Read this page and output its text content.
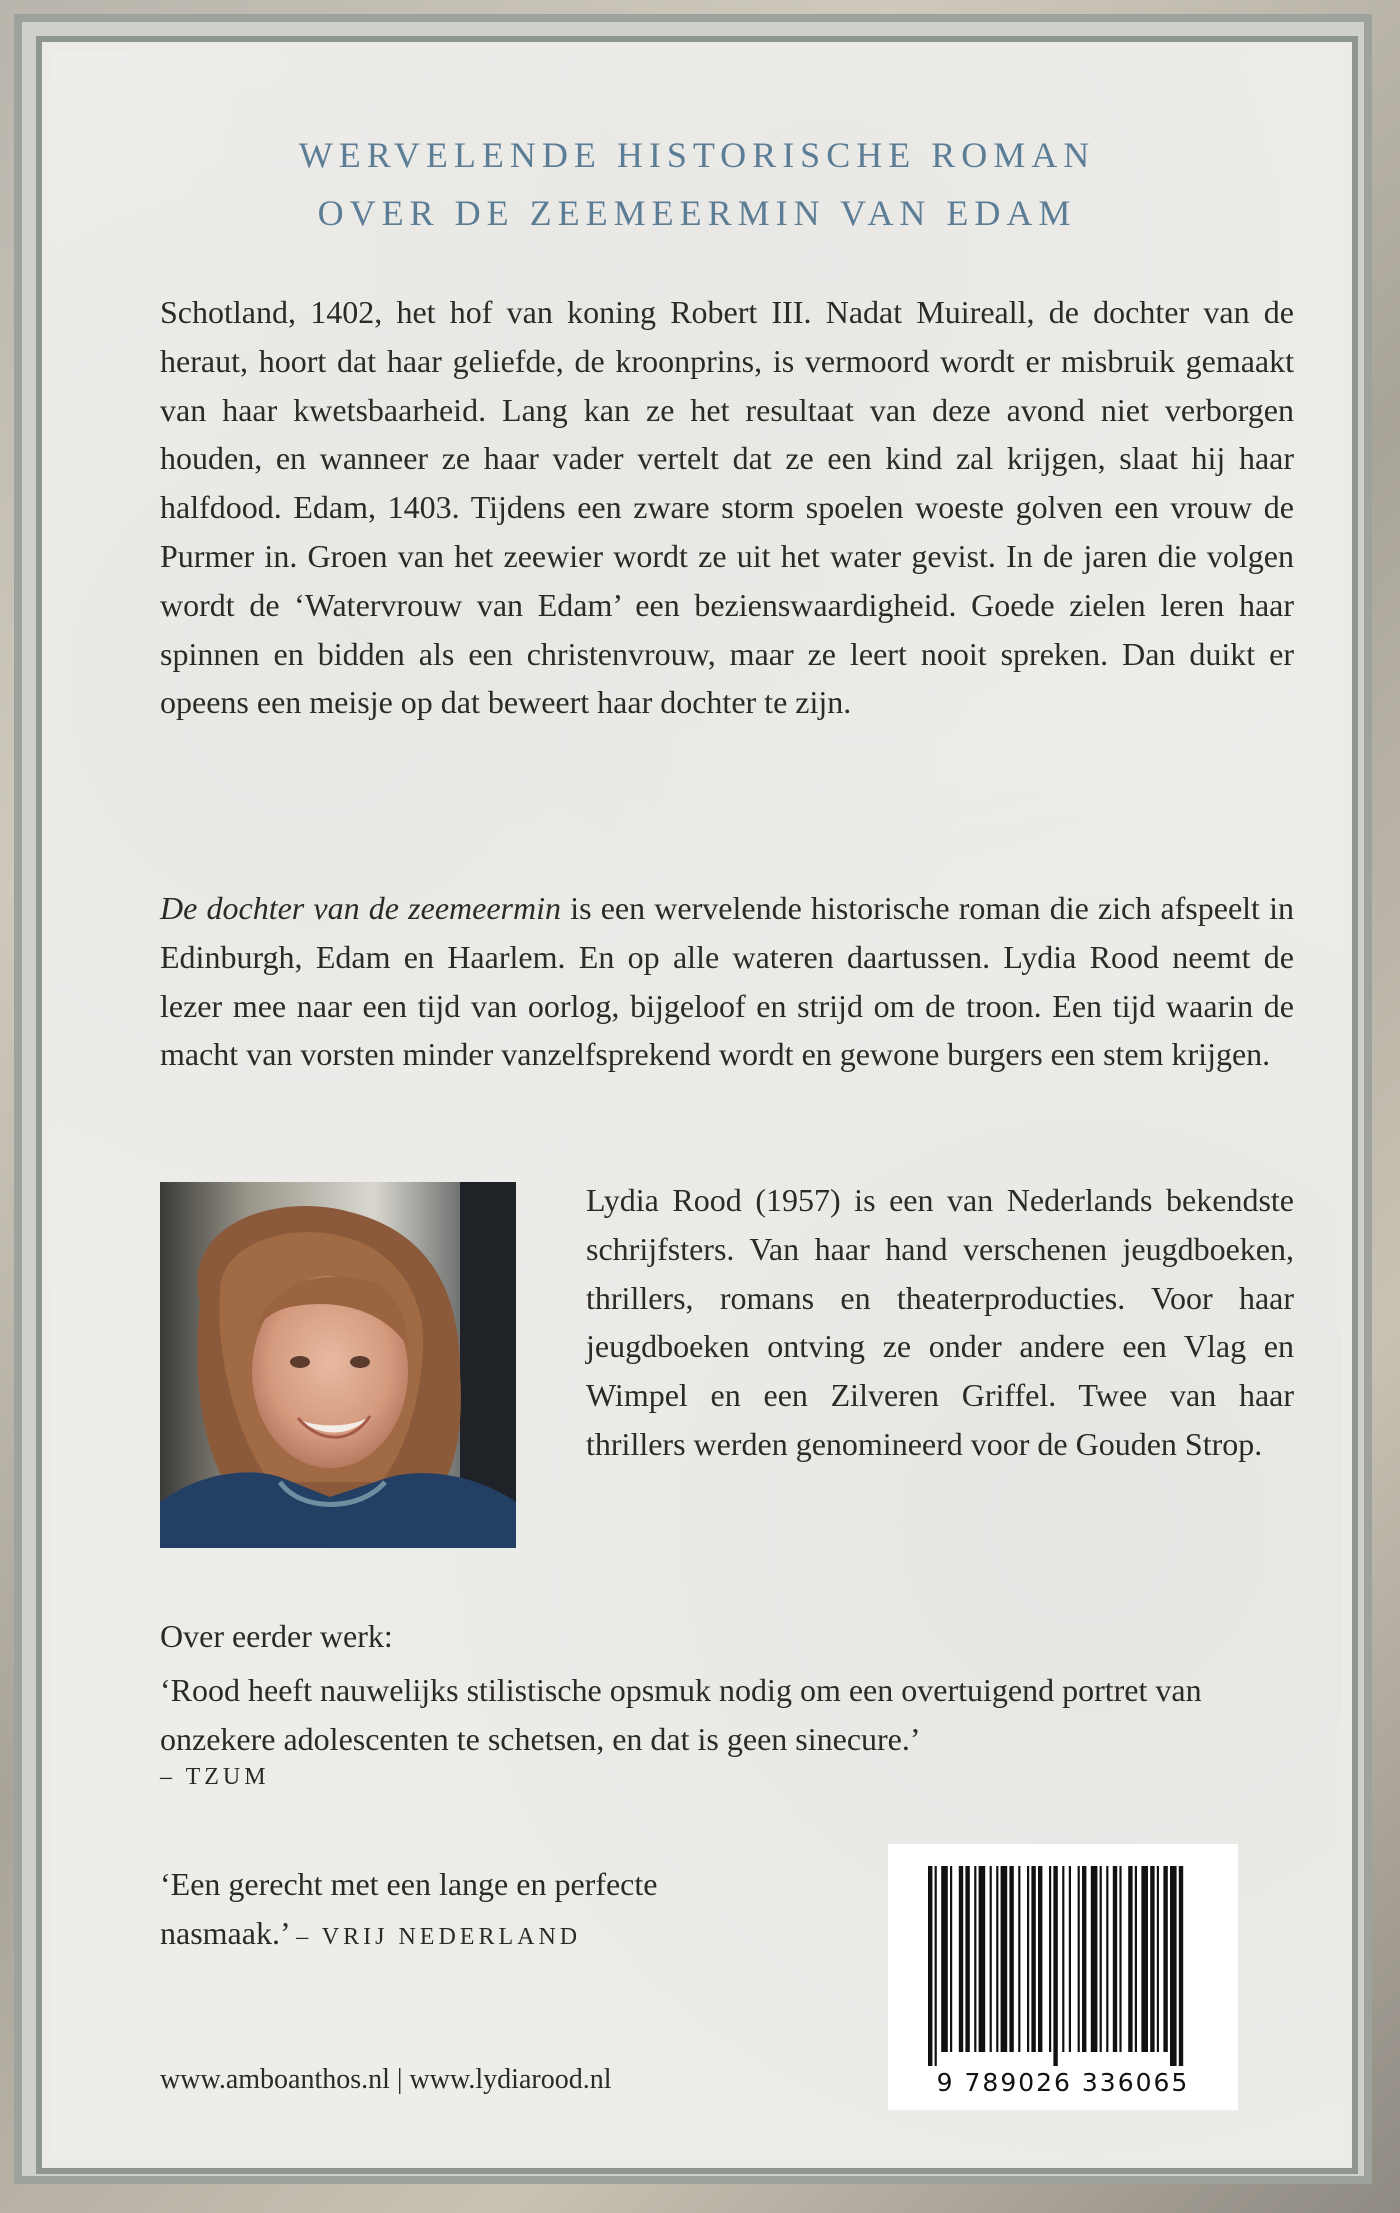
WERVELENDE HISTORISCHE ROMAN
OVER DE ZEEMEERMIN VAN EDAM

Schotland, 1402, het hof van koning Robert III. Nadat Muireall, de dochter van de heraut, hoort dat haar geliefde, de kroonprins, is vermoord wordt er misbruik gemaakt van haar kwetsbaarheid. Lang kan ze het resultaat van deze avond niet verborgen houden, en wanneer ze haar vader vertelt dat ze een kind zal krijgen, slaat hij haar halfdood. Edam, 1403. Tijdens een zware storm spoelen woeste golven een vrouw de Purmer in. Groen van het zeewier wordt ze uit het water gevist. In de jaren die volgen wordt de ‘Watervrouw van Edam’ een bezienswaardigheid. Goede zielen leren haar spinnen en bidden als een christenvrouw, maar ze leert nooit spreken. Dan duikt er opeens een meisje op dat beweert haar dochter te zijn.

De dochter van de zeemeermin is een wervelende historische roman die zich afspeelt in Edinburgh, Edam en Haarlem. En op alle wateren daartussen. Lydia Rood neemt de lezer mee naar een tijd van oorlog, bijgeloof en strijd om de troon. Een tijd waarin de macht van vorsten minder vanzelfsprekend wordt en gewone burgers een stem krijgen.

Lydia Rood (1957) is een van Nederlands bekendste schrijfsters. Van haar hand verschenen jeugdboeken, thrillers, romans en theaterproducties. Voor haar jeugdboeken ontving ze onder andere een Vlag en Wimpel en een Zilveren Griffel. Twee van haar thrillers werden genomineerd voor de Gouden Strop.

Over eerder werk:

‘Rood heeft nauwelijks stilistische opsmuk nodig om een overtuigend portret van onzekere adolescenten te schetsen, en dat is geen sinecure.’

– TZUM

‘Een gerecht met een lange en perfecte nasmaak.’ – VRIJ NEDERLAND

9 789026 336065
www.amboanthos.nl | www.lydiarood.nl
